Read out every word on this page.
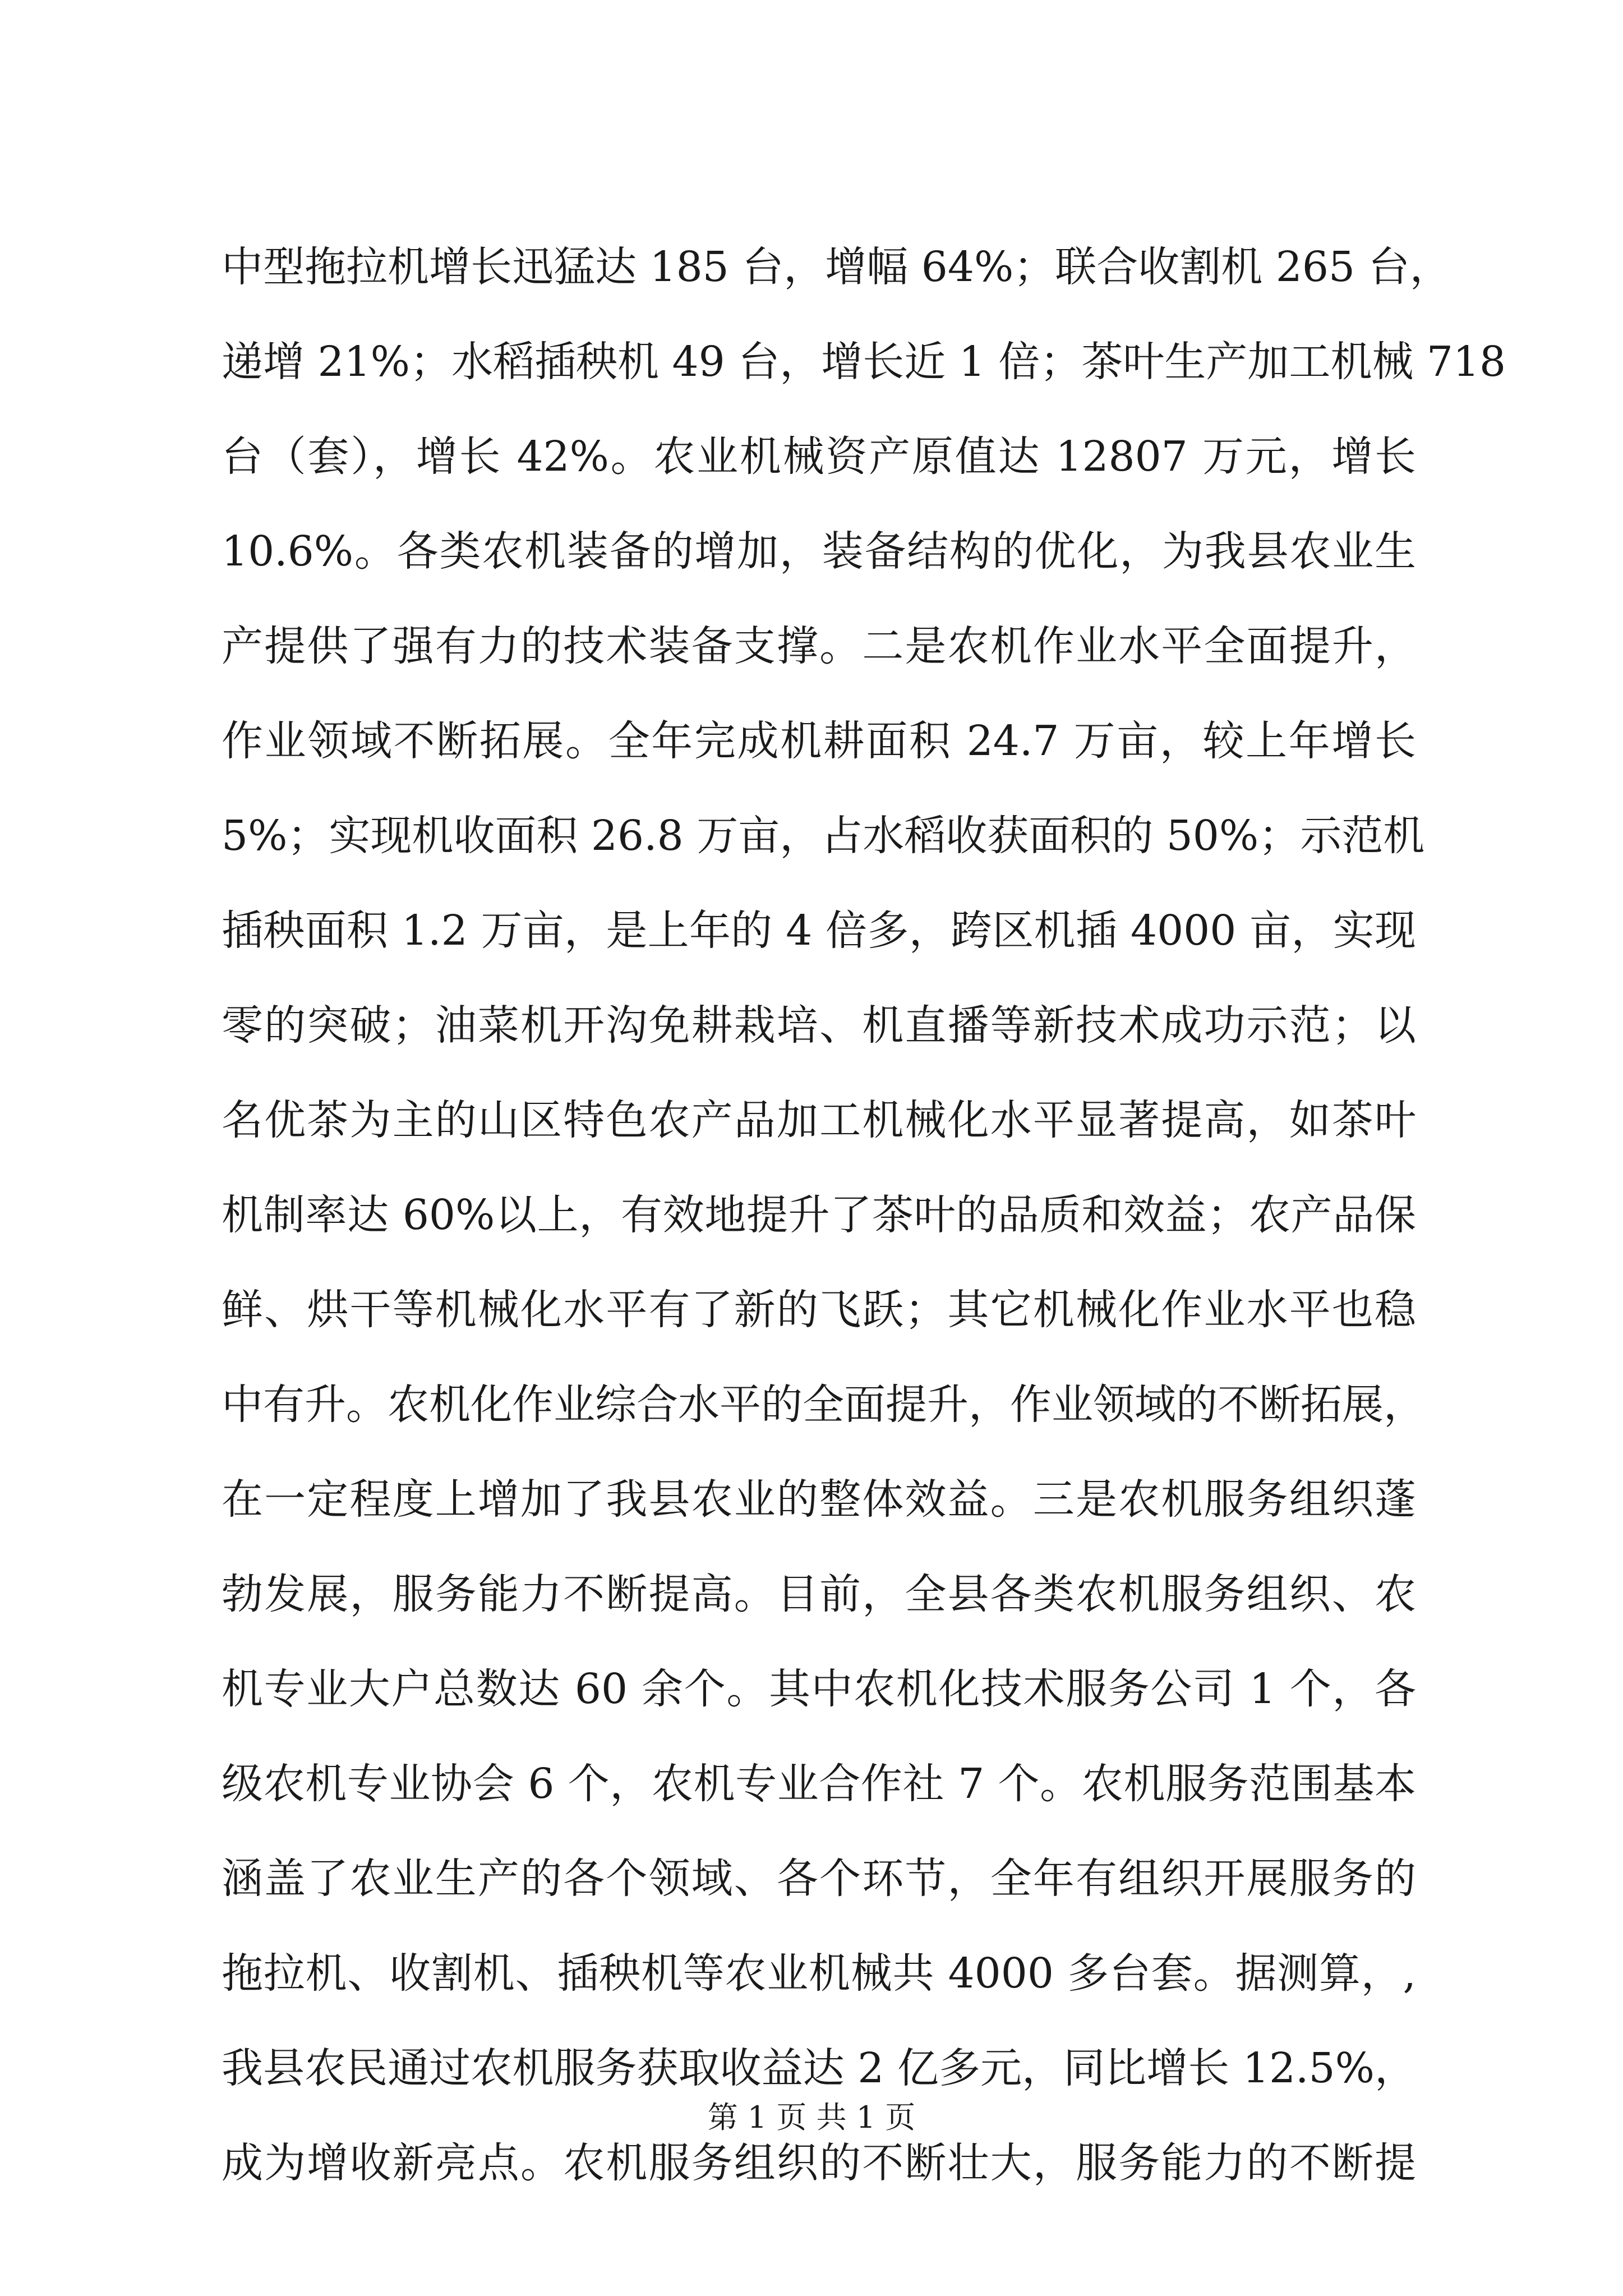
中型拖拉机增长迅猛达 185 台，增幅 64%；联合收割机 265 台，
递增 21%；水稻插秧机 49 台，增长近 1 倍；茶叶生产加工机械 718
台（套），增长 42%。农业机械资产原值达 12807 万元，增长
10.6%。各类农机装备的增加，装备结构的优化，为我县农业生
产提供了强有力的技术装备支撑。二是农机作业水平全面提升，
作业领域不断拓展。全年完成机耕面积 24.7 万亩，较上年增长
5%；实现机收面积 26.8 万亩，占水稻收获面积的 50%；示范机
插秧面积 1.2 万亩，是上年的 4 倍多，跨区机插 4000 亩，实现
零的突破；油菜机开沟免耕栽培、机直播等新技术成功示范；以
名优茶为主的山区特色农产品加工机械化水平显著提高，如茶叶
机制率达 60%以上，有效地提升了茶叶的品质和效益；农产品保
鲜、烘干等机械化水平有了新的飞跃；其它机械化作业水平也稳
中有升。农机化作业综合水平的全面提升，作业领域的不断拓展，
在一定程度上增加了我县农业的整体效益。三是农机服务组织蓬
勃发展，服务能力不断提高。目前，全县各类农机服务组织、农
机专业大户总数达 60 余个。其中农机化技术服务公司 1 个，各
级农机专业协会 6 个，农机专业合作社 7 个。农机服务范围基本
涵盖了农业生产的各个领域、各个环节，全年有组织开展服务的
拖拉机、收割机、插秧机等农业机械共 4000 多台套。据测算，,
我县农民通过农机服务获取收益达 2 亿多元，同比增长 12.5%，
成为增收新亮点。农机服务组织的不断壮大，服务能力的不断提
第 1 页 共 1 页
